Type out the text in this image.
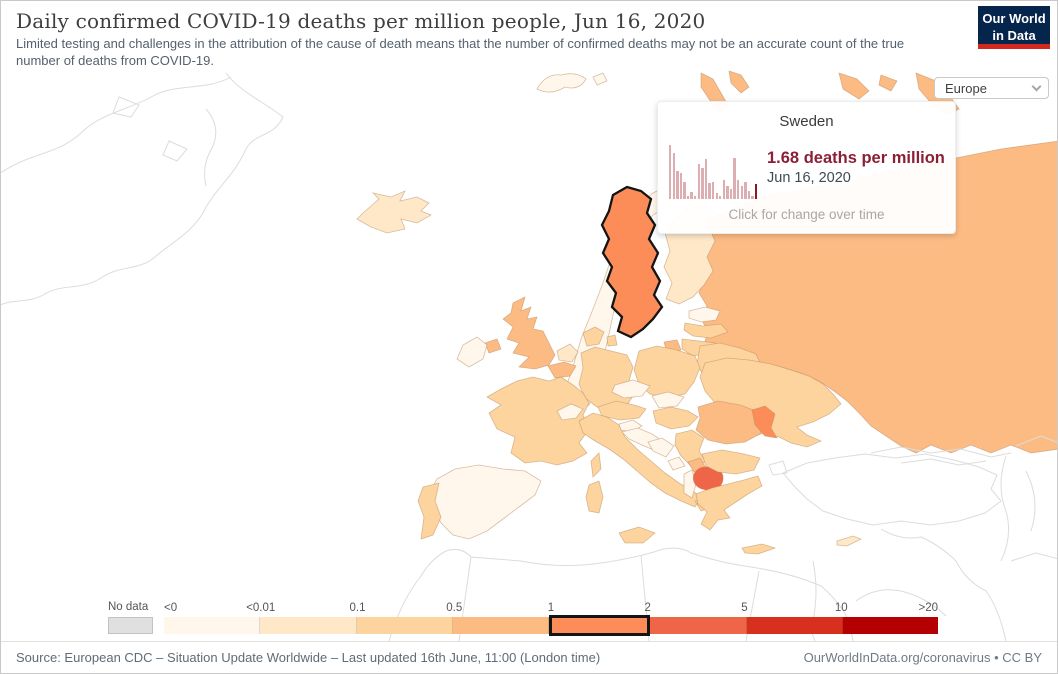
Daily confirmed COVID-19 deaths per million people, Jun 16, 2020
Limited testing and challenges in the attribution of the cause of death means that the number of confirmed deaths may not be an accurate count of the true number of deaths from COVID-19.
Our World
in Data
Europe
Sweden
1.68 deaths per million
Jun 16, 2020
Click for change over time
No data <0	<0.01	0.1	0.5	1	2	5	10	>20
Source: European CDC – Situation Update Worldwide – Last updated 16th June, 11:00 (London time)	OurWorldInData.org/coronavirus • CC BY
